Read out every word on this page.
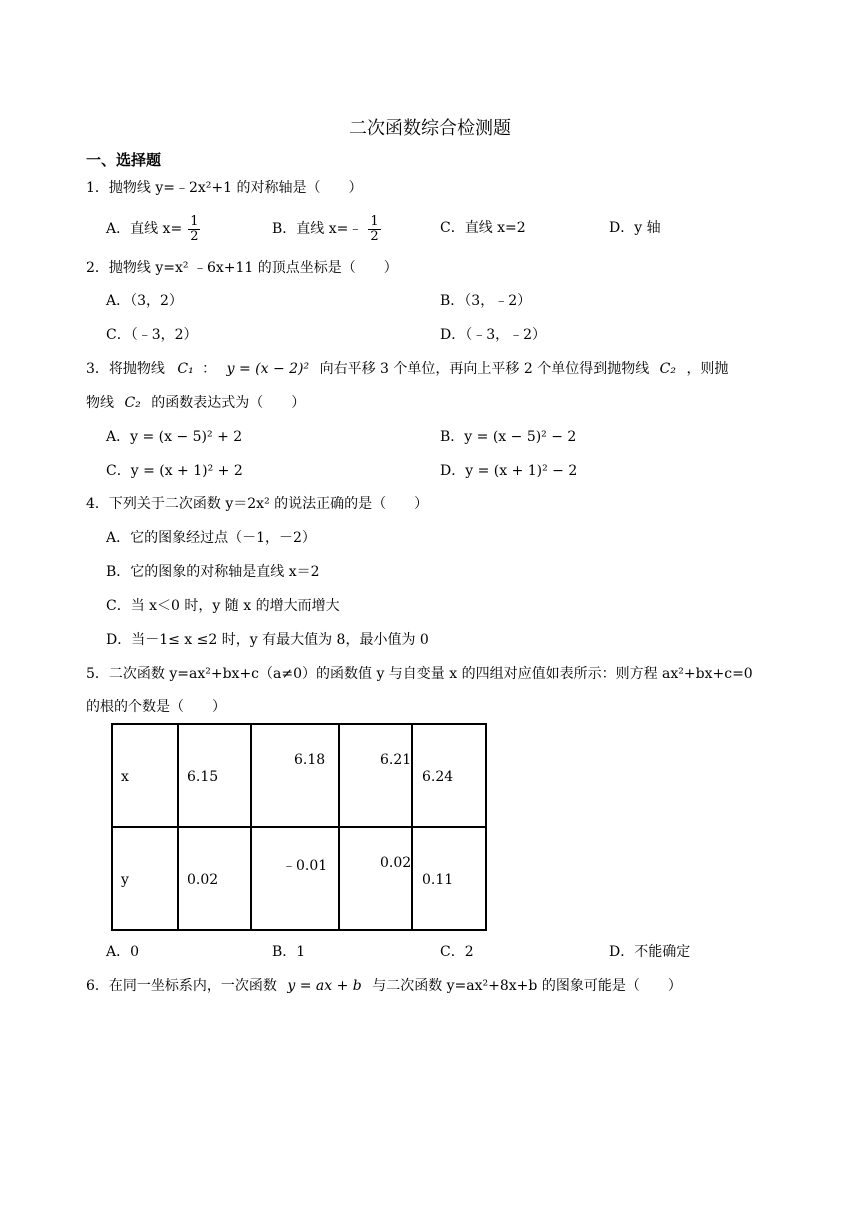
二次函数综合检测题
一、选择题
1．抛物线 y=﹣2x²+1 的对称轴是（　　）
A．直线 $x= \frac{1}{2}$	B．直线 x=﹣ $\frac{1}{2}$	C．直线 x=2	D．y 轴
2．抛物线 y=x² ﹣6x+11 的顶点坐标是（　　）
A．（3，2）	B．（3，﹣2）
C．（﹣3，2）	D．（﹣3，﹣2）
3．将抛物线 C₁ ： y = (x − 2)² 向右平移 3 个单位，再向上平移 2 个单位得到抛物线 C₂ ，则抛
物线 C₂ 的函数表达式为（　　）
A．y = (x − 5)² + 2	B．y = (x − 5)² − 2
C．y = (x + 1)² + 2	D．y = (x + 1)² − 2
4．下列关于二次函数 y＝2x² 的说法正确的是（　　）
A．它的图象经过点（－1，－2）
B．它的图象的对称轴是直线 x＝2
C．当 x＜0 时，y 随 x 的增大而增大
D．当－1≤ x ≤2 时，y 有最大值为 8，最小值为 0
5．二次函数 y=ax²+bx+c（a≠0）的函数值 y 与自变量 x 的四组对应值如表所示：则方程 ax²+bx+c=0
的根的个数是（　　）
x	6.15	6.18	6.21	6.24

y	0.02	﹣0.01	0.02	0.11
A．0	B．1	C．2	D．不能确定
6．在同一坐标系内，一次函数 y = ax + b 与二次函数 y=ax²+8x+b 的图象可能是（　　）
